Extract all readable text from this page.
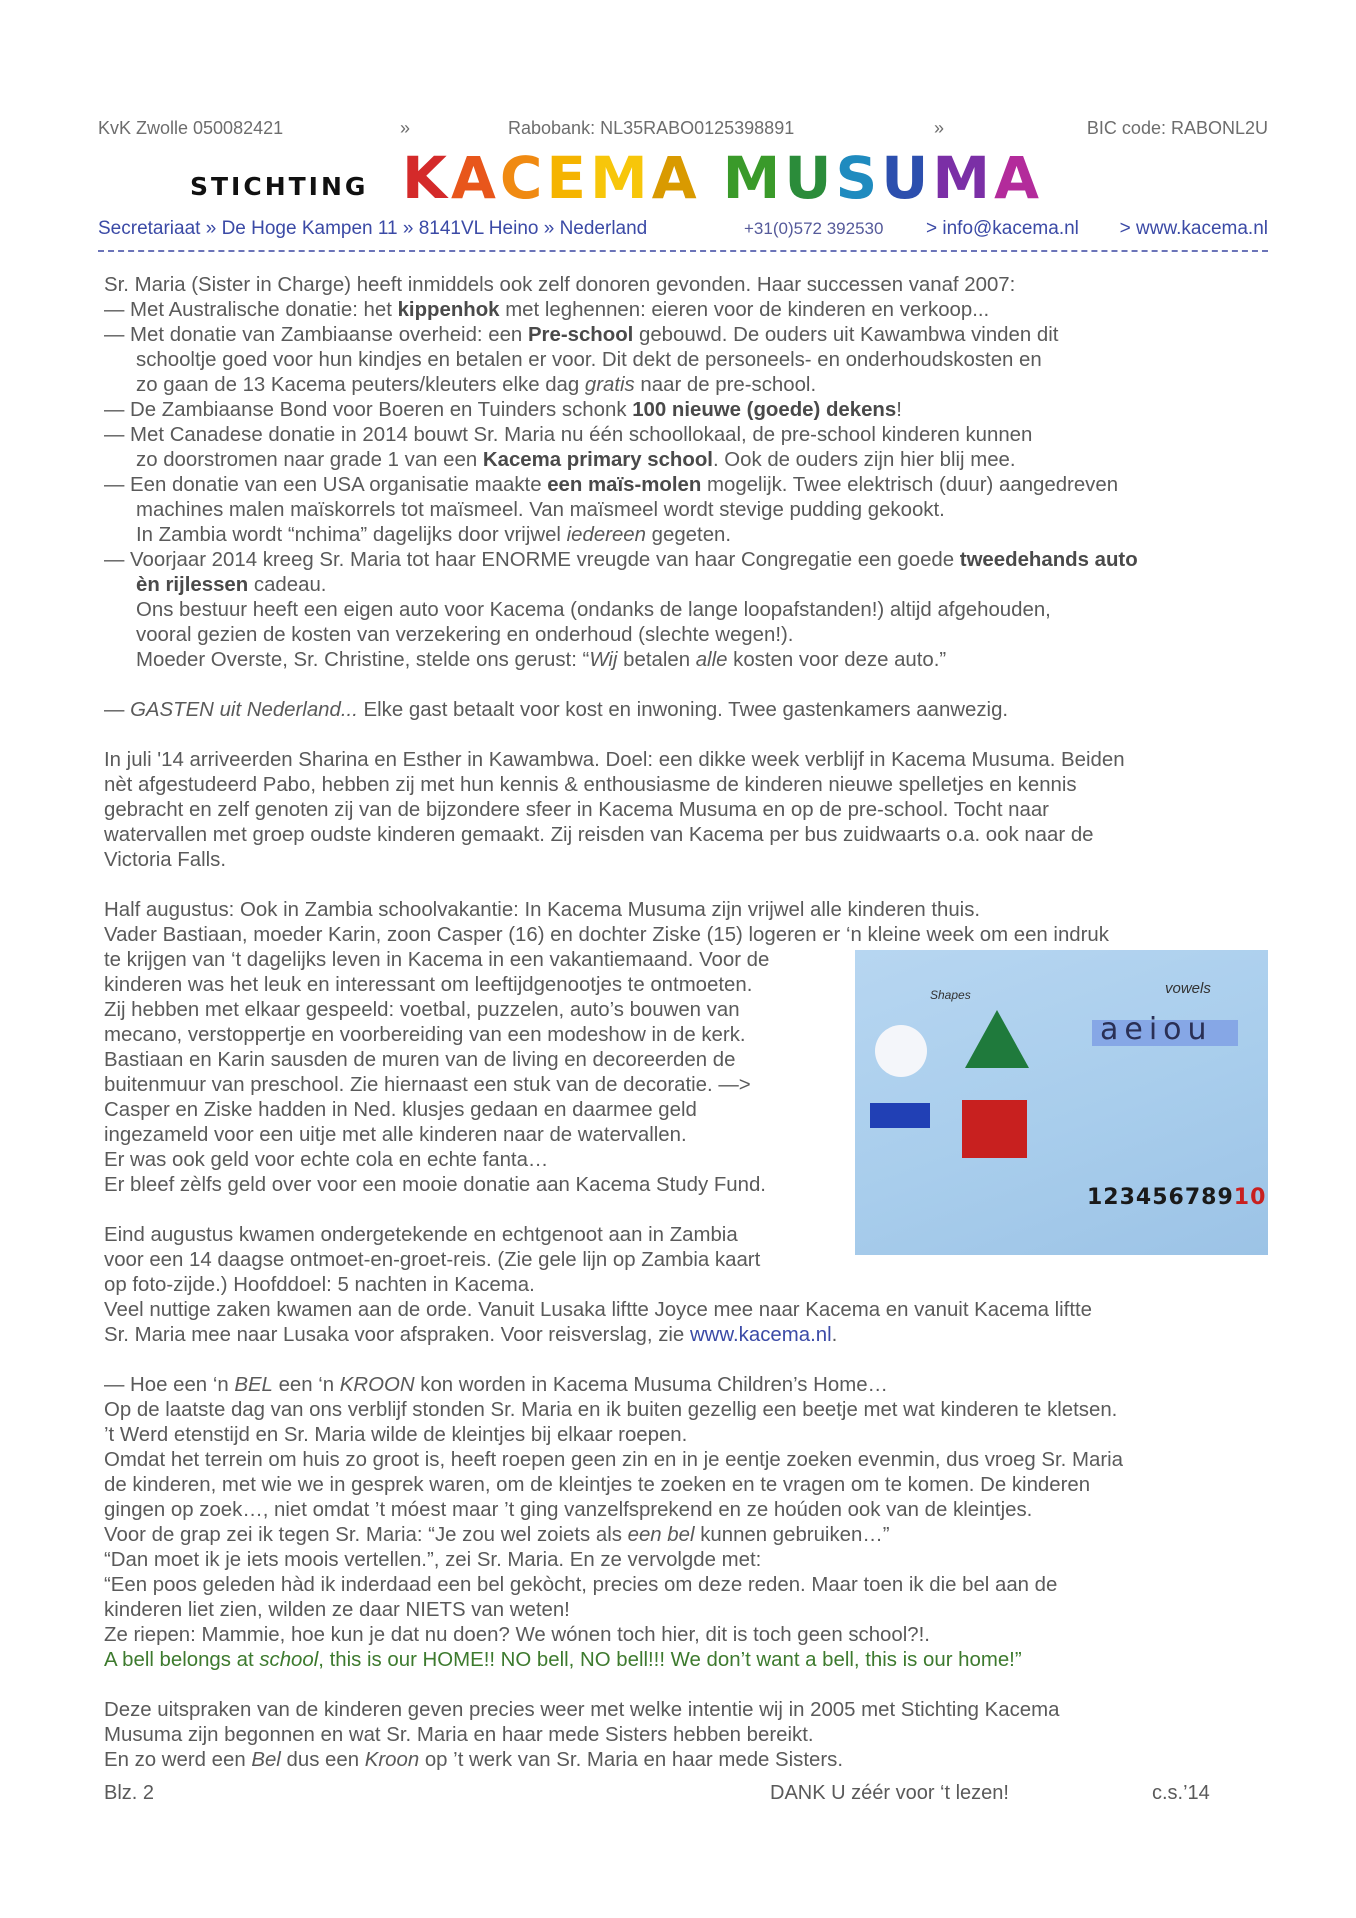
KvK Zwolle 050082421	»	Rabobank: NL35RABO0125398891	»	BIC code: RABONL2U
STICHTING KACEMA MUSUMA
Secretariaat » De Hoge Kampen 11 » 8141VL Heino » Nederland	+31(0)572 392530 > info@kacema.nl > www.kacema.nl

Sr. Maria (Sister in Charge) heeft inmiddels ook zelf donoren gevonden. Haar successen vanaf 2007:

— Met Australische donatie: het kippenhok met leghennen: eieren voor de kinderen en verkoop...

— Met donatie van Zambiaanse overheid: een Pre-school gebouwd. De ouders uit Kawambwa vinden dit

schooltje goed voor hun kindjes en betalen er voor. Dit dekt de personeels- en onderhoudskosten en

zo gaan de 13 Kacema peuters/kleuters elke dag gratis naar de pre-school.

— De Zambiaanse Bond voor Boeren en Tuinders schonk 100 nieuwe (goede) dekens!

— Met Canadese donatie in 2014 bouwt Sr. Maria nu één schoollokaal, de pre-school kinderen kunnen

zo doorstromen naar grade 1 van een Kacema primary school. Ook de ouders zijn hier blij mee.

— Een donatie van een USA organisatie maakte een maïs-molen mogelijk. Twee elektrisch (duur) aangedreven

machines malen maïskorrels tot maïsmeel. Van maïsmeel wordt stevige pudding gekookt.

In Zambia wordt “nchima” dagelijks door vrijwel iedereen gegeten.

— Voorjaar 2014 kreeg Sr. Maria tot haar ENORME vreugde van haar Congregatie een goede tweedehands auto

èn rijlessen cadeau.

Ons bestuur heeft een eigen auto voor Kacema (ondanks de lange loopafstanden!) altijd afgehouden,

vooral gezien de kosten van verzekering en onderhoud (slechte wegen!).

Moeder Overste, Sr. Christine, stelde ons gerust: “Wij betalen alle kosten voor deze auto.”

— GASTEN uit Nederland... Elke gast betaalt voor kost en inwoning. Twee gastenkamers aanwezig.

In juli '14 arriveerden Sharina en Esther in Kawambwa. Doel: een dikke week verblijf in Kacema Musuma. Beiden

nèt afgestudeerd Pabo, hebben zij met hun kennis & enthousiasme de kinderen nieuwe spelletjes en kennis

gebracht en zelf genoten zij van de bijzondere sfeer in Kacema Musuma en op de pre-school. Tocht naar

watervallen met groep oudste kinderen gemaakt. Zij reisden van Kacema per bus zuidwaarts o.a. ook naar de

Victoria Falls.

Half augustus: Ook in Zambia schoolvakantie: In Kacema Musuma zijn vrijwel alle kinderen thuis.

Vader Bastiaan, moeder Karin, zoon Casper (16) en dochter Ziske (15) logeren er ‘n kleine week om een indruk

te krijgen van ‘t dagelijks leven in Kacema in een vakantiemaand. Voor de

kinderen was het leuk en interessant om leeftijdgenootjes te ontmoeten.

Zij hebben met elkaar gespeeld: voetbal, puzzelen, auto’s bouwen van

mecano, verstoppertje en voorbereiding van een modeshow in de kerk.

Bastiaan en Karin sausden de muren van de living en decoreerden de

buitenmuur van preschool. Zie hiernaast een stuk van de decoratie. —>

Casper en Ziske hadden in Ned. klusjes gedaan en daarmee geld

ingezameld voor een uitje met alle kinderen naar de watervallen.

Er was ook geld voor echte cola en echte fanta…

Er bleef zèlfs geld over voor een mooie donatie aan Kacema Study Fund.

Eind augustus kwamen ondergetekende en echtgenoot aan in Zambia

voor een 14 daagse ontmoet-en-groet-reis. (Zie gele lijn op Zambia kaart

op foto-zijde.) Hoofddoel: 5 nachten in Kacema.

Veel nuttige zaken kwamen aan de orde. Vanuit Lusaka liftte Joyce mee naar Kacema en vanuit Kacema liftte

Sr. Maria mee naar Lusaka voor afspraken. Voor reisverslag, zie www.kacema.nl.

— Hoe een ‘n BEL een ‘n KROON kon worden in Kacema Musuma Children’s Home…

Op de laatste dag van ons verblijf stonden Sr. Maria en ik buiten gezellig een beetje met wat kinderen te kletsen.

’t Werd etenstijd en Sr. Maria wilde de kleintjes bij elkaar roepen.

Omdat het terrein om huis zo groot is, heeft roepen geen zin en in je eentje zoeken evenmin, dus vroeg Sr. Maria

de kinderen, met wie we in gesprek waren, om de kleintjes te zoeken en te vragen om te komen. De kinderen

gingen op zoek…, niet omdat ’t móest maar ’t ging vanzelfsprekend en ze hoúden ook van de kleintjes.

Voor de grap zei ik tegen Sr. Maria: “Je zou wel zoiets als een bel kunnen gebruiken…”

“Dan moet ik je iets moois vertellen.”, zei Sr. Maria. En ze vervolgde met:

“Een poos geleden hàd ik inderdaad een bel gekòcht, precies om deze reden. Maar toen ik die bel aan de

kinderen liet zien, wilden ze daar NIETS van weten!

Ze riepen: Mammie, hoe kun je dat nu doen? We wónen toch hier, dit is toch geen school?!.

A bell belongs at school, this is our HOME!! NO bell, NO bell!!! We don’t want a bell, this is our home!”

Deze uitspraken van de kinderen geven precies weer met welke intentie wij in 2005 met Stichting Kacema

Musuma zijn begonnen en wat Sr. Maria en haar mede Sisters hebben bereikt.

En zo werd een Bel dus een Kroon op ’t werk van Sr. Maria en haar mede Sisters.

Shapes	vowels
aeiou
12345678910
Blz. 2	DANK U zéér voor ‘t lezen!	c.s.’14
